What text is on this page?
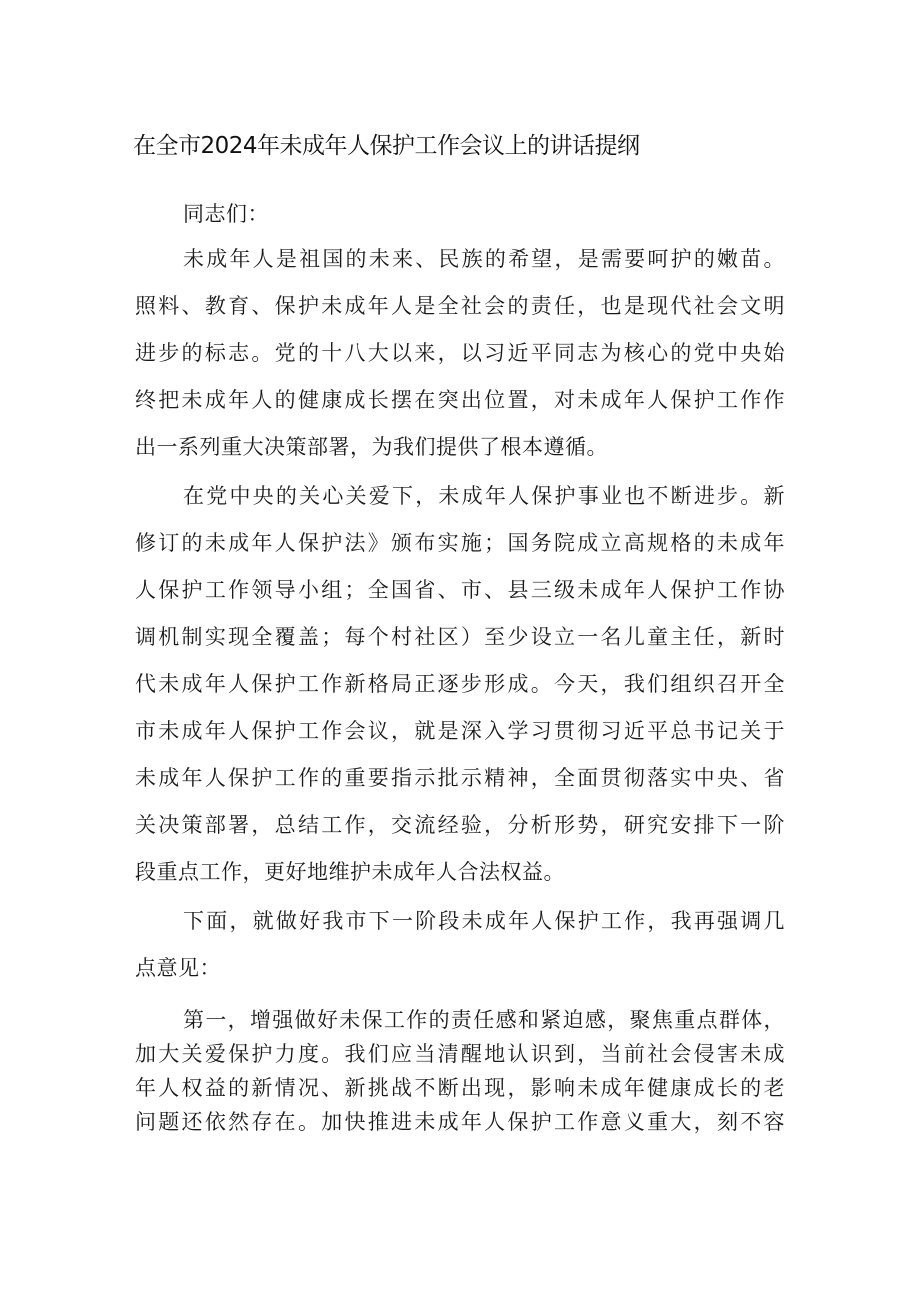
在全市2024年未成年人保护工作会议上的讲话提纲
同志们：
未成年人是祖国的未来、民族的希望，是需要呵护的嫩苗。
照料、教育、保护未成年人是全社会的责任，也是现代社会文明
进步的标志。党的十八大以来，以习近平同志为核心的党中央始
终把未成年人的健康成长摆在突出位置，对未成年人保护工作作
出一系列重大决策部署，为我们提供了根本遵循。
在党中央的关心关爱下，未成年人保护事业也不断进步。新
修订的未成年人保护法》颁布实施；国务院成立高规格的未成年
人保护工作领导小组；全国省、市、县三级未成年人保护工作协
调机制实现全覆盖；每个村社区）至少设立一名儿童主任，新时
代未成年人保护工作新格局正逐步形成。今天，我们组织召开全
市未成年人保护工作会议，就是深入学习贯彻习近平总书记关于
未成年人保护工作的重要指示批示精神，全面贯彻落实中央、省
关决策部署，总结工作，交流经验，分析形势，研究安排下一阶
段重点工作，更好地维护未成年人合法权益。
下面，就做好我市下一阶段未成年人保护工作，我再强调几
点意见：
第一，增强做好未保工作的责任感和紧迫感，聚焦重点群体，
加大关爱保护力度。我们应当清醒地认识到，当前社会侵害未成
年人权益的新情况、新挑战不断出现，影响未成年健康成长的老
问题还依然存在。加快推进未成年人保护工作意义重大，刻不容
